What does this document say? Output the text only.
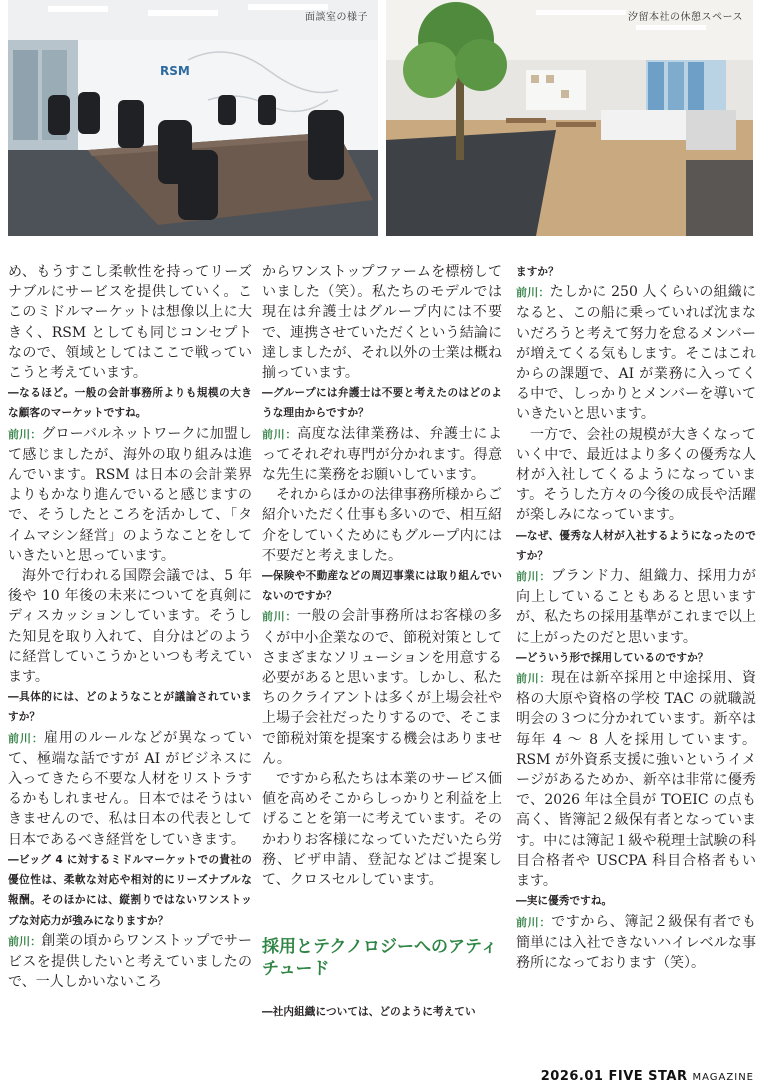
RSM
面談室の様子	汐留本社の休憩スペース

め、もうすこし柔軟性を持ってリーズナブルにサービスを提供していく。ここのミドルマーケットは想像以上に大きく、RSM としても同じコンセプトなので、領域としてはここで戦っていこうと考えています。

―なるほど。一般の会計事務所よりも規模の大きな顧客のマーケットですね。

前川：グローバルネットワークに加盟して感じましたが、海外の取り組みは進んでいます。RSM は日本の会計業界よりもかなり進んでいると感じますので、そうしたところを活かして、「タイムマシン経営」のようなことをしていきたいと思っています。

海外で行われる国際会議では、5 年後や 10 年後の未来についてを真剣にディスカッションしています。そうした知見を取り入れて、自分はどのように経営していこうかといつも考えています。

―具体的には、どのようなことが議論されていますか？

前川：雇用のルールなどが異なっていて、極端な話ですが AI がビジネスに入ってきたら不要な人材をリストラするかもしれません。日本ではそうはいきませんので、私は日本の代表として日本であるべき経営をしていきます。

―ビッグ 4 に対するミドルマーケットでの貴社の優位性は、柔軟な対応や相対的にリーズナブルな報酬。そのほかには、縦割りではないワンストップな対応力が強みになりますか？

前川：創業の頃からワンストップでサービスを提供したいと考えていましたので、一人しかいないころ

からワンストップファームを標榜していました（笑）。私たちのモデルでは現在は弁護士はグループ内には不要で、連携させていただくという結論に達しましたが、それ以外の士業は概ね揃っています。

―グループには弁護士は不要と考えたのはどのような理由からですか？

前川：高度な法律業務は、弁護士によってそれぞれ専門が分かれます。得意な先生に業務をお願いしています。

それからほかの法律事務所様からご紹介いただく仕事も多いので、相互紹介をしていくためにもグループ内には不要だと考えました。

―保険や不動産などの周辺事業には取り組んでいないのですか？

前川：一般の会計事務所はお客様の多くが中小企業なので、節税対策としてさまざまなソリューションを用意する必要があると思います。しかし、私たちのクライアントは多くが上場会社や上場子会社だったりするので、そこまで節税対策を提案する機会はありません。

ですから私たちは本業のサービス価値を高めそこからしっかりと利益を上げることを第一に考えています。そのかわりお客様になっていただいたら労務、ビザ申請、登記などはご提案して、クロスセルしています。

採用とテクノロジーへのアティチュード

―社内組織については、どのように考えてい

ますか？

前川：たしかに 250 人くらいの組織になると、この船に乗っていれば沈まないだろうと考えて努力を怠るメンバーが増えてくる気もします。そこはこれからの課題で、AI が業務に入ってくる中で、しっかりとメンバーを導いていきたいと思います。

一方で、会社の規模が大きくなっていく中で、最近はより多くの優秀な人材が入社してくるようになっています。そうした方々の今後の成長や活躍が楽しみになっています。

―なぜ、優秀な人材が入社するようになったのですか？

前川：ブランド力、組織力、採用力が向上していることもあると思いますが、私たちの採用基準がこれまで以上に上がったのだと思います。

―どういう形で採用しているのですか？

前川：現在は新卒採用と中途採用、資格の大原や資格の学校 TAC の就職説明会の３つに分かれています。新卒は毎年 4 ～ 8 人を採用しています。RSM が外資系支援に強いというイメージがあるためか、新卒は非常に優秀で、2026 年は全員が TOEIC の点も高く、皆簿記２級保有者となっています。中には簿記１級や税理士試験の科目合格者や USCPA 科目合格者もいます。

―実に優秀ですね。

前川：ですから、簿記２級保有者でも簡単には入社できないハイレベルな事務所になっております（笑）。

2026.01 FIVE STAR MAGAZINE
